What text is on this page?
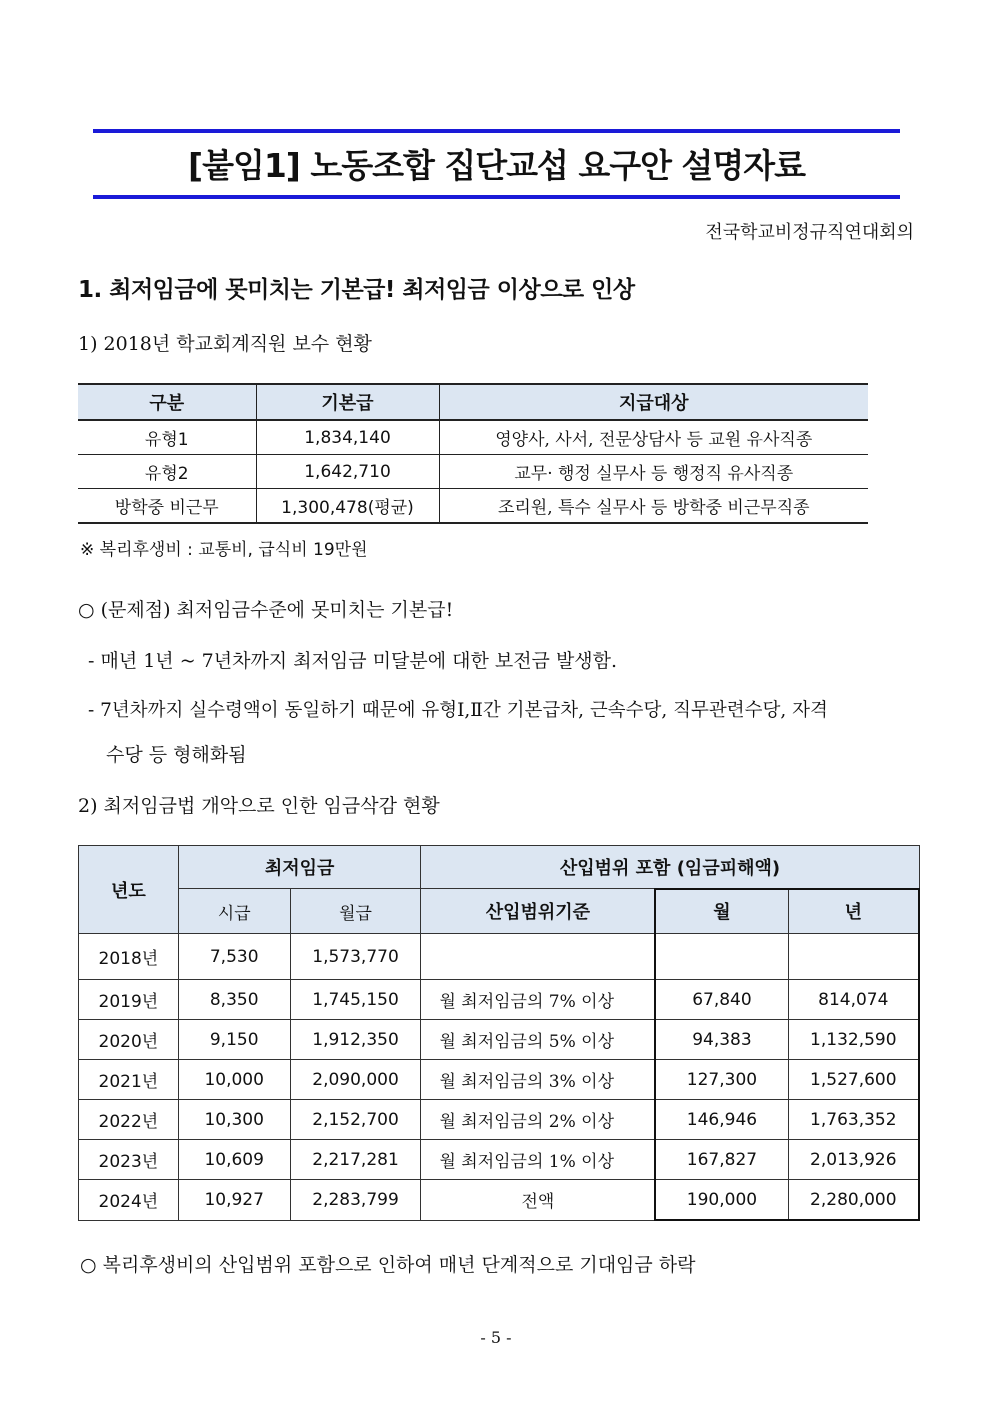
[붙임1] 노동조합 집단교섭 요구안 설명자료
전국학교비정규직연대회의
1. 최저임금에 못미치는 기본급! 최저임금 이상으로 인상
1) 2018년 학교회계직원 보수 현황
구분	기본급	지급대상
유형1	1,834,140	영양사, 사서, 전문상담사 등 교원 유사직종
유형2	1,642,710	교무· 행정 실무사 등 행정직 유사직종
방학중 비근무	1,300,478(평균)	조리원, 특수 실무사 등 방학중 비근무직종
※ 복리후생비 : 교통비, 급식비 19만원
○ (문제점) 최저임금수준에 못미치는 기본급!
- 매년 1년 ~ 7년차까지 최저임금 미달분에 대한 보전금 발생함.
- 7년차까지 실수령액이 동일하기 때문에 유형Ⅰ,Ⅱ간 기본급차, 근속수당, 직무관련수당, 자격
수당 등 형해화됨
2) 최저임금법 개악으로 인한 임금삭감 현황
년도	최저임금		산입범위 포함 (임금피해액)		
	시급	월급	산입범위기준	월	년
2018년	7,530	1,573,770			
2019년	8,350	1,745,150	월 최저임금의 7% 이상	67,840	814,074
2020년	9,150	1,912,350	월 최저임금의 5% 이상	94,383	1,132,590
2021년	10,000	2,090,000	월 최저임금의 3% 이상	127,300	1,527,600
2022년	10,300	2,152,700	월 최저임금의 2% 이상	146,946	1,763,352
2023년	10,609	2,217,281	월 최저임금의 1% 이상	167,827	2,013,926
2024년	10,927	2,283,799	전액	190,000	2,280,000
○ 복리후생비의 산입범위 포함으로 인하여 매년 단계적으로 기대임금 하락
- 5 -
